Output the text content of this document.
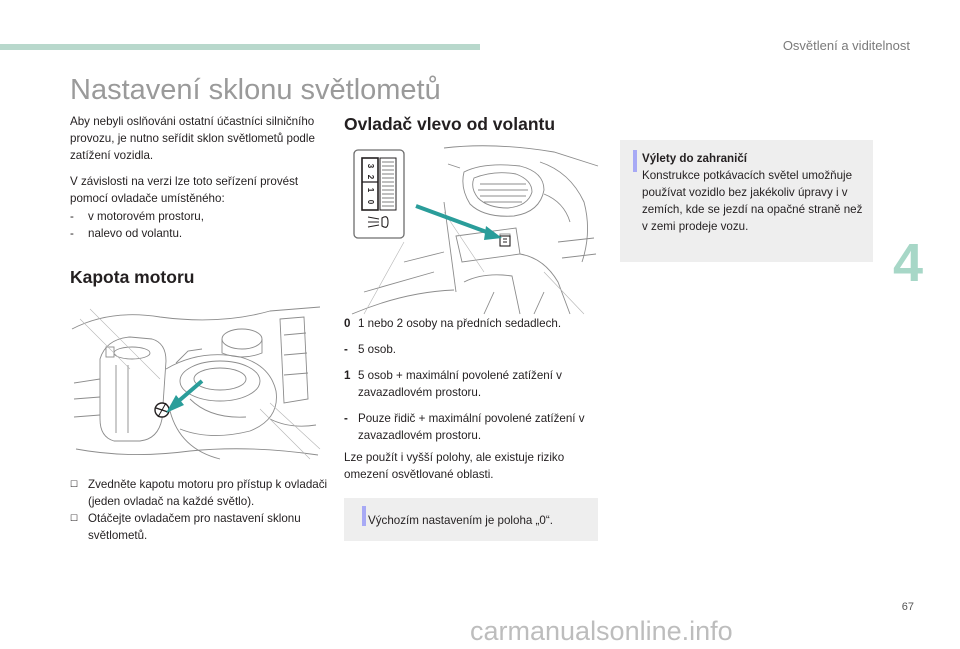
Osvětlení a viditelnost
Nastavení sklonu světlometů

Aby nebyli oslňováni ostatní účastníci silničního provozu, je nutno seřídit sklon světlometů podle zatížení vozidla.

V závislosti na verzi lze toto seřízení provést pomocí ovladače umístěného:

-	v motorovém prostoru,
-	nalevo od volantu.
Kapota motoru
☐ Zvedněte kapotu motoru pro přístup k ovladači (jeden ovladač na každé světlo).
☐ Otáčejte ovladačem pro nastavení sklonu světlometů.
Ovladač vlevo od volantu
3
2
1
0
0 1 nebo 2 osoby na předních sedadlech.
- 5 osob.
1 5 osob + maximální povolené zatížení v zavazadlovém prostoru.
- Pouze řidič + maximální povolené zatížení v zavazadlovém prostoru.

Lze použít i vyšší polohy, ale existuje riziko omezení osvětlované oblasti.

Výchozím nastavením je poloha „0“.

Výlety do zahraničí

Konstrukce potkávacích světel umožňuje používat vozidlo bez jakékoliv úpravy i v zemích, kde se jezdí na opačné straně než v zemi prodeje vozu.

4
67
carmanualsonline.info
